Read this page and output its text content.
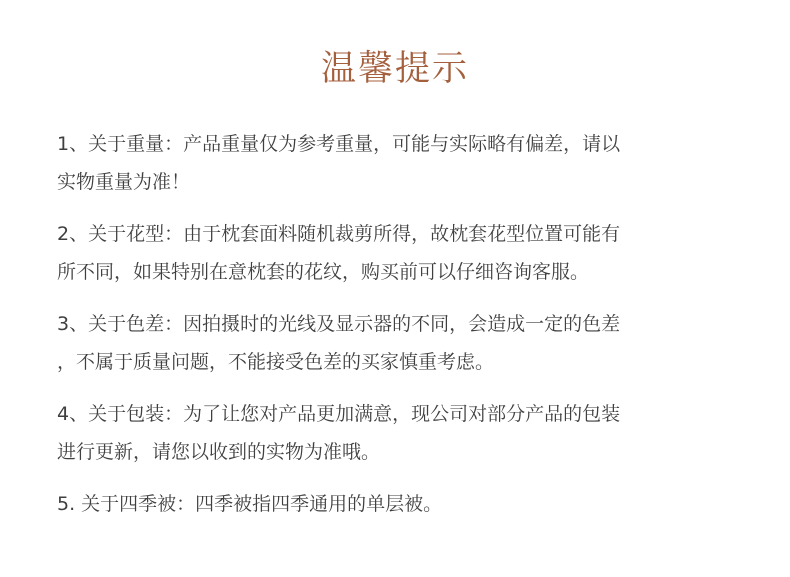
温馨提示
1、关于重量：产品重量仅为参考重量，可能与实际略有偏差，请以
实物重量为准！
2、关于花型：由于枕套面料随机裁剪所得，故枕套花型位置可能有
所不同，如果特别在意枕套的花纹，购买前可以仔细咨询客服。
3、关于色差：因拍摄时的光线及显示器的不同，会造成一定的色差
，不属于质量问题，不能接受色差的买家慎重考虑。
4、关于包装：为了让您对产品更加满意，现公司对部分产品的包装
进行更新，请您以收到的实物为准哦。
5. 关于四季被：四季被指四季通用的单层被。
